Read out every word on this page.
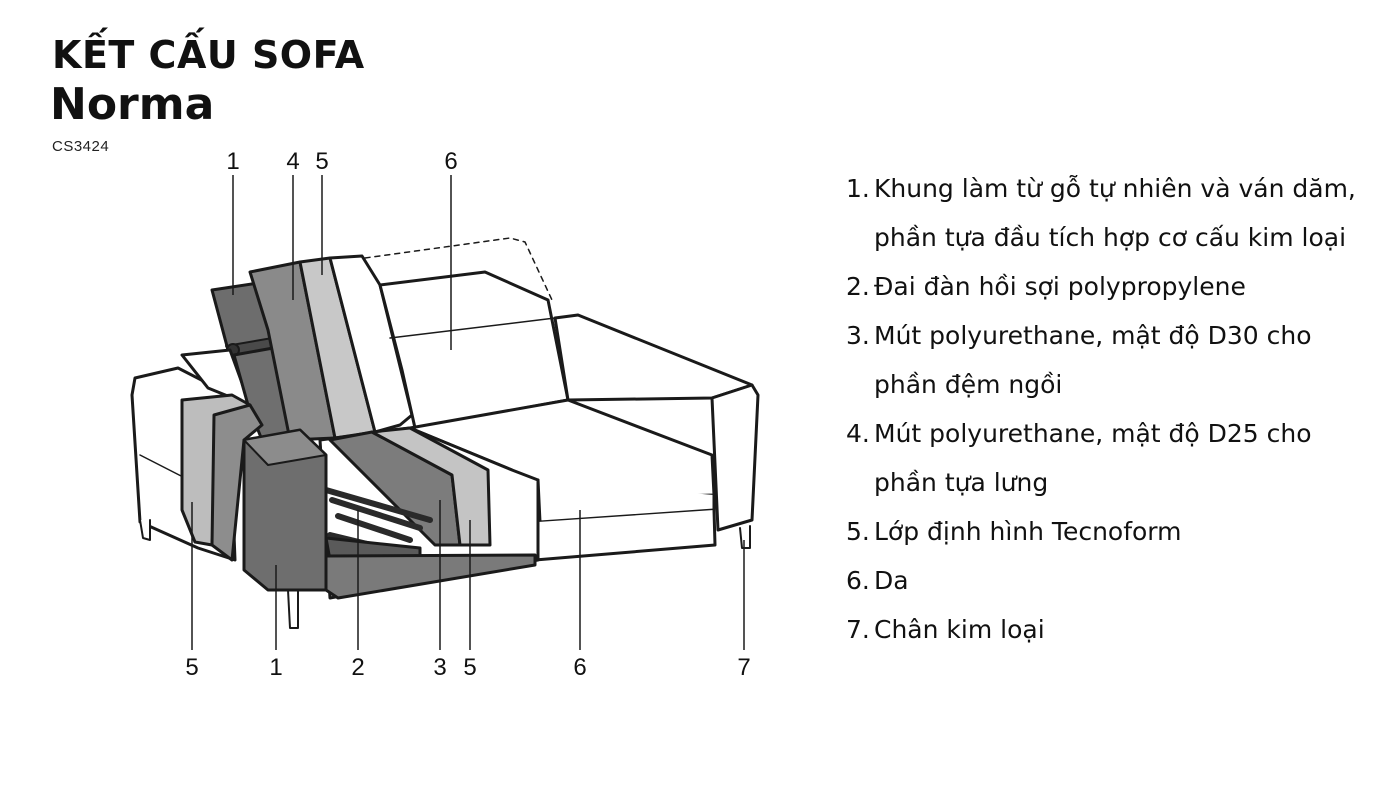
KẾT CẤU SOFA
Norma
CS3424
1 4 5	6
5	1	2	3 5	6	7
1. Khung làm từ gỗ tự nhiên và ván dăm, phần tựa đầu tích hợp cơ cấu kim loại
2. Đai đàn hồi sợi polypropylene
3. Mút polyurethane, mật độ D30 cho phần đệm ngồi
4. Mút polyurethane, mật độ D25 cho phần tựa lưng
5. Lớp định hình Tecnoform
6. Da
7. Chân kim loại
